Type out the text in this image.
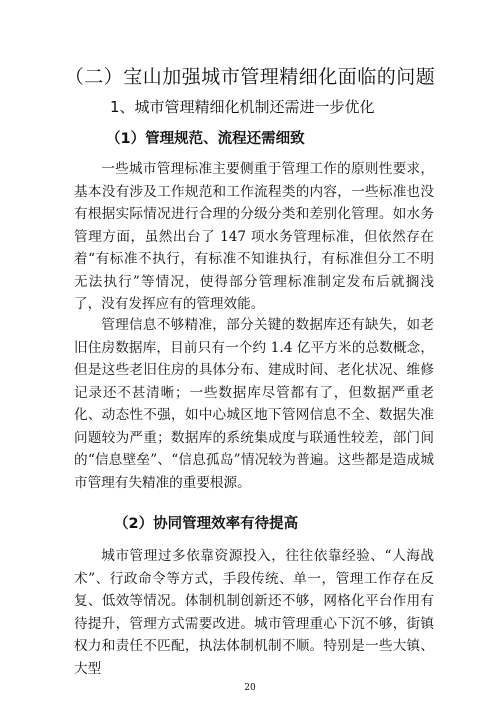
（二）宝山加强城市管理精细化面临的问题
1、城市管理精细化机制还需进一步优化
（1）管理规范、流程还需细致

一些城市管理标准主要侧重于管理工作的原则性要求，基本没有涉及工作规范和工作流程类的内容，一些标准也没有根据实际情况进行合理的分级分类和差别化管理。如水务管理方面，虽然出台了 147 项水务管理标准，但依然存在着“有标准不执行，有标准不知谁执行，有标准但分工不明无法执行”等情况，使得部分管理标准制定发布后就搁浅了，没有发挥应有的管理效能。

管理信息不够精准，部分关键的数据库还有缺失，如老旧住房数据库，目前只有一个约 1.4 亿平方米的总数概念，但是这些老旧住房的具体分布、建成时间、老化状况、维修记录还不甚清晰；一些数据库尽管都有了，但数据严重老化、动态性不强，如中心城区地下管网信息不全、数据失准问题较为严重；数据库的系统集成度与联通性较差，部门间的“信息壁垒”、“信息孤岛”情况较为普遍。这些都是造成城市管理有失精准的重要根源。

（2）协同管理效率有待提高

城市管理过多依靠资源投入，往往依靠经验、“人海战术”、行政命令等方式，手段传统、单一，管理工作存在反复、低效等情况。体制机制创新还不够，网格化平台作用有待提升，管理方式需要改进。城市管理重心下沉不够，街镇权力和责任不匹配，执法体制机制不顺。特别是一些大镇、大型

20
